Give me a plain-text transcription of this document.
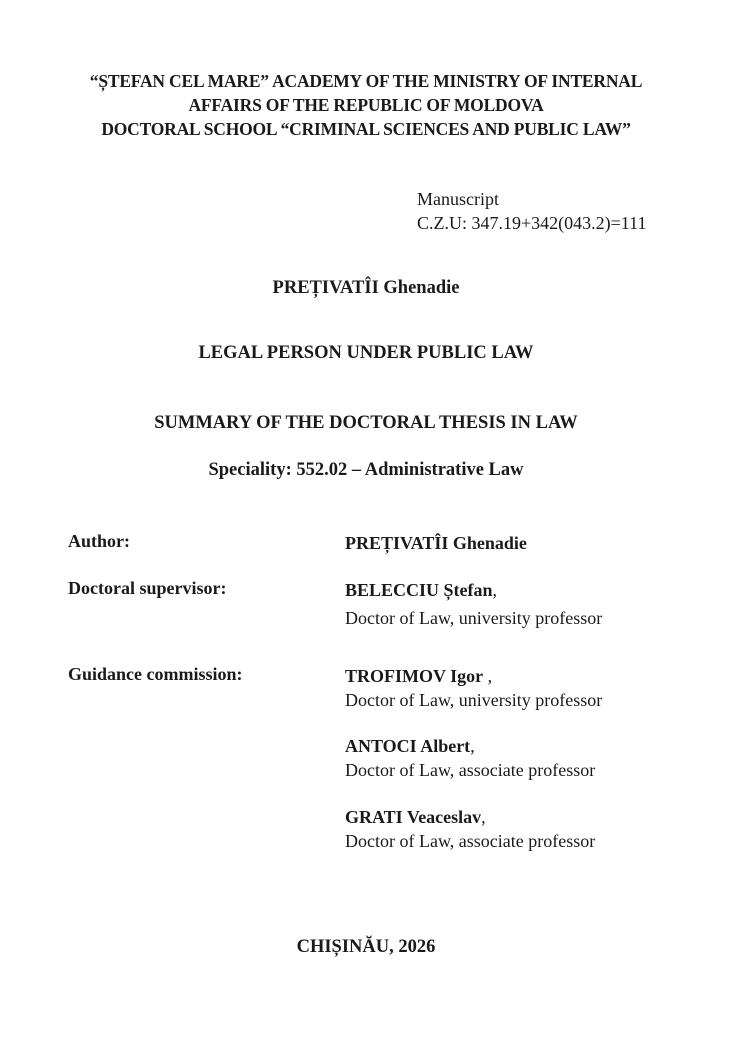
“ȘTEFAN CEL MARE” ACADEMY OF THE MINISTRY OF INTERNAL
AFFAIRS OF THE REPUBLIC OF MOLDOVA
DOCTORAL SCHOOL “CRIMINAL SCIENCES AND PUBLIC LAW”
Manuscript
C.Z.U: 347.19+342(043.2)=111
PREȚIVATÎI Ghenadie
LEGAL PERSON UNDER PUBLIC LAW
SUMMARY OF THE DOCTORAL THESIS IN LAW
Speciality: 552.02 – Administrative Law
Author:	PREȚIVATÎI Ghenadie
Doctoral supervisor:	BELECCIU Ștefan,
Doctor of Law, university professor
Guidance commission:	TROFIMOV Igor ,
Doctor of Law, university professor
ANTOCI Albert,
Doctor of Law, associate professor
GRATI Veaceslav,
Doctor of Law, associate professor
CHIȘINĂU, 2026
